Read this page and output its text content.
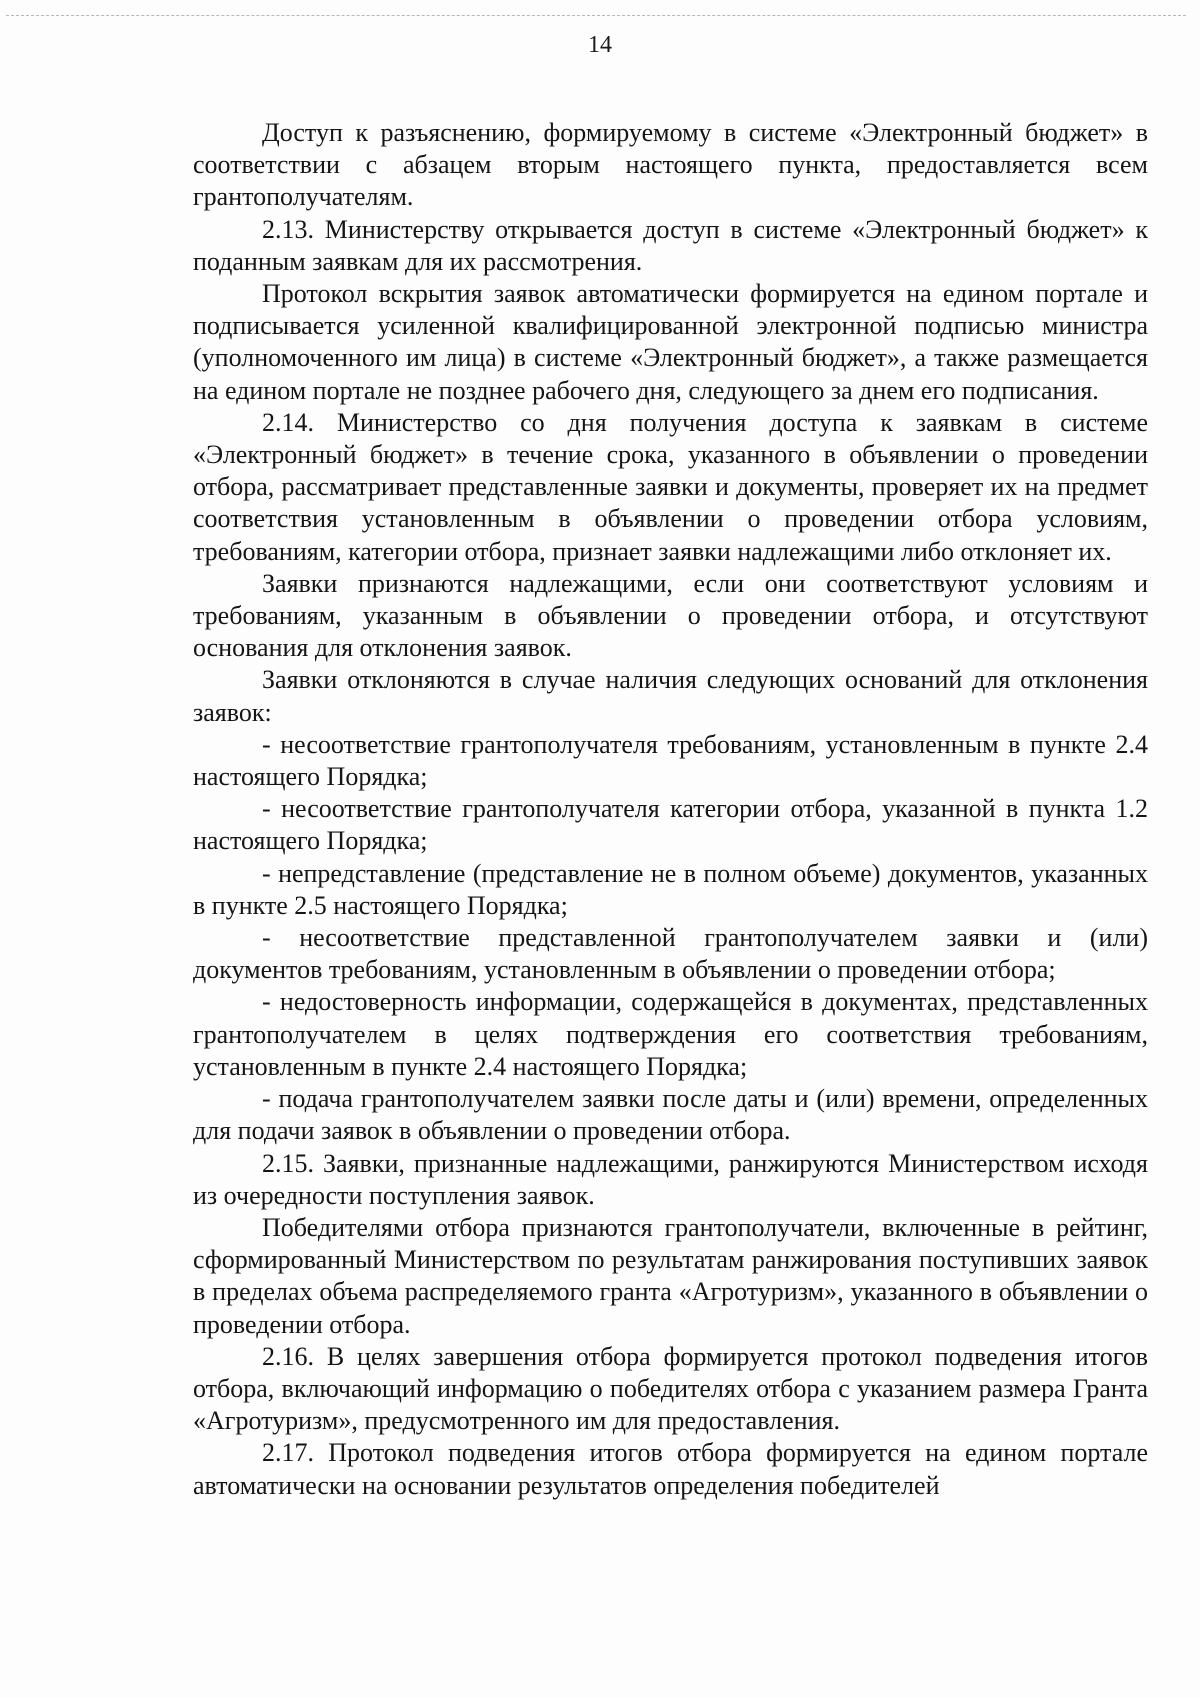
14

Доступ к разъяснению, формируемому в системе «Электронный бюджет» в соответствии с абзацем вторым настоящего пункта, предоставляется всем грантополучателям.

2.13. Министерству открывается доступ в системе «Электронный бюджет» к поданным заявкам для их рассмотрения.

Протокол вскрытия заявок автоматически формируется на едином портале и подписывается усиленной квалифицированной электронной подписью министра (уполномоченного им лица) в системе «Электронный бюджет», а также размещается на едином портале не позднее рабочего дня, следующего за днем его подписания.

2.14. Министерство со дня получения доступа к заявкам в системе «Электронный бюджет» в течение срока, указанного в объявлении о проведении отбора, рассматривает представленные заявки и документы, проверяет их на предмет соответствия установленным в объявлении о проведении отбора условиям, требованиям, категории отбора, признает заявки надлежащими либо отклоняет их.

Заявки признаются надлежащими, если они соответствуют условиям и требованиям, указанным в объявлении о проведении отбора, и отсутствуют основания для отклонения заявок.

Заявки отклоняются в случае наличия следующих оснований для отклонения заявок:

- несоответствие грантополучателя требованиям, установленным в пункте 2.4 настоящего Порядка;

- несоответствие грантополучателя категории отбора, указанной в пункта 1.2 настоящего Порядка;

- непредставление (представление не в полном объеме) документов, указанных в пункте 2.5 настоящего Порядка;

- несоответствие представленной грантополучателем заявки и (или) документов требованиям, установленным в объявлении о проведении отбора;

- недостоверность информации, содержащейся в документах, представленных грантополучателем в целях подтверждения его соответствия требованиям, установленным в пункте 2.4 настоящего Порядка;

- подача грантополучателем заявки после даты и (или) времени, определенных для подачи заявок в объявлении о проведении отбора.

2.15. Заявки, признанные надлежащими, ранжируются Министерством исходя из очередности поступления заявок.

Победителями отбора признаются грантополучатели, включенные в рейтинг, сформированный Министерством по результатам ранжирования поступивших заявок в пределах объема распределяемого гранта «Агротуризм», указанного в объявлении о проведении отбора.

2.16. В целях завершения отбора формируется протокол подведения итогов отбора, включающий информацию о победителях отбора с указанием размера Гранта «Агротуризм», предусмотренного им для предоставления.

2.17. Протокол подведения итогов отбора формируется на едином портале автоматически на основании результатов определения победителей
